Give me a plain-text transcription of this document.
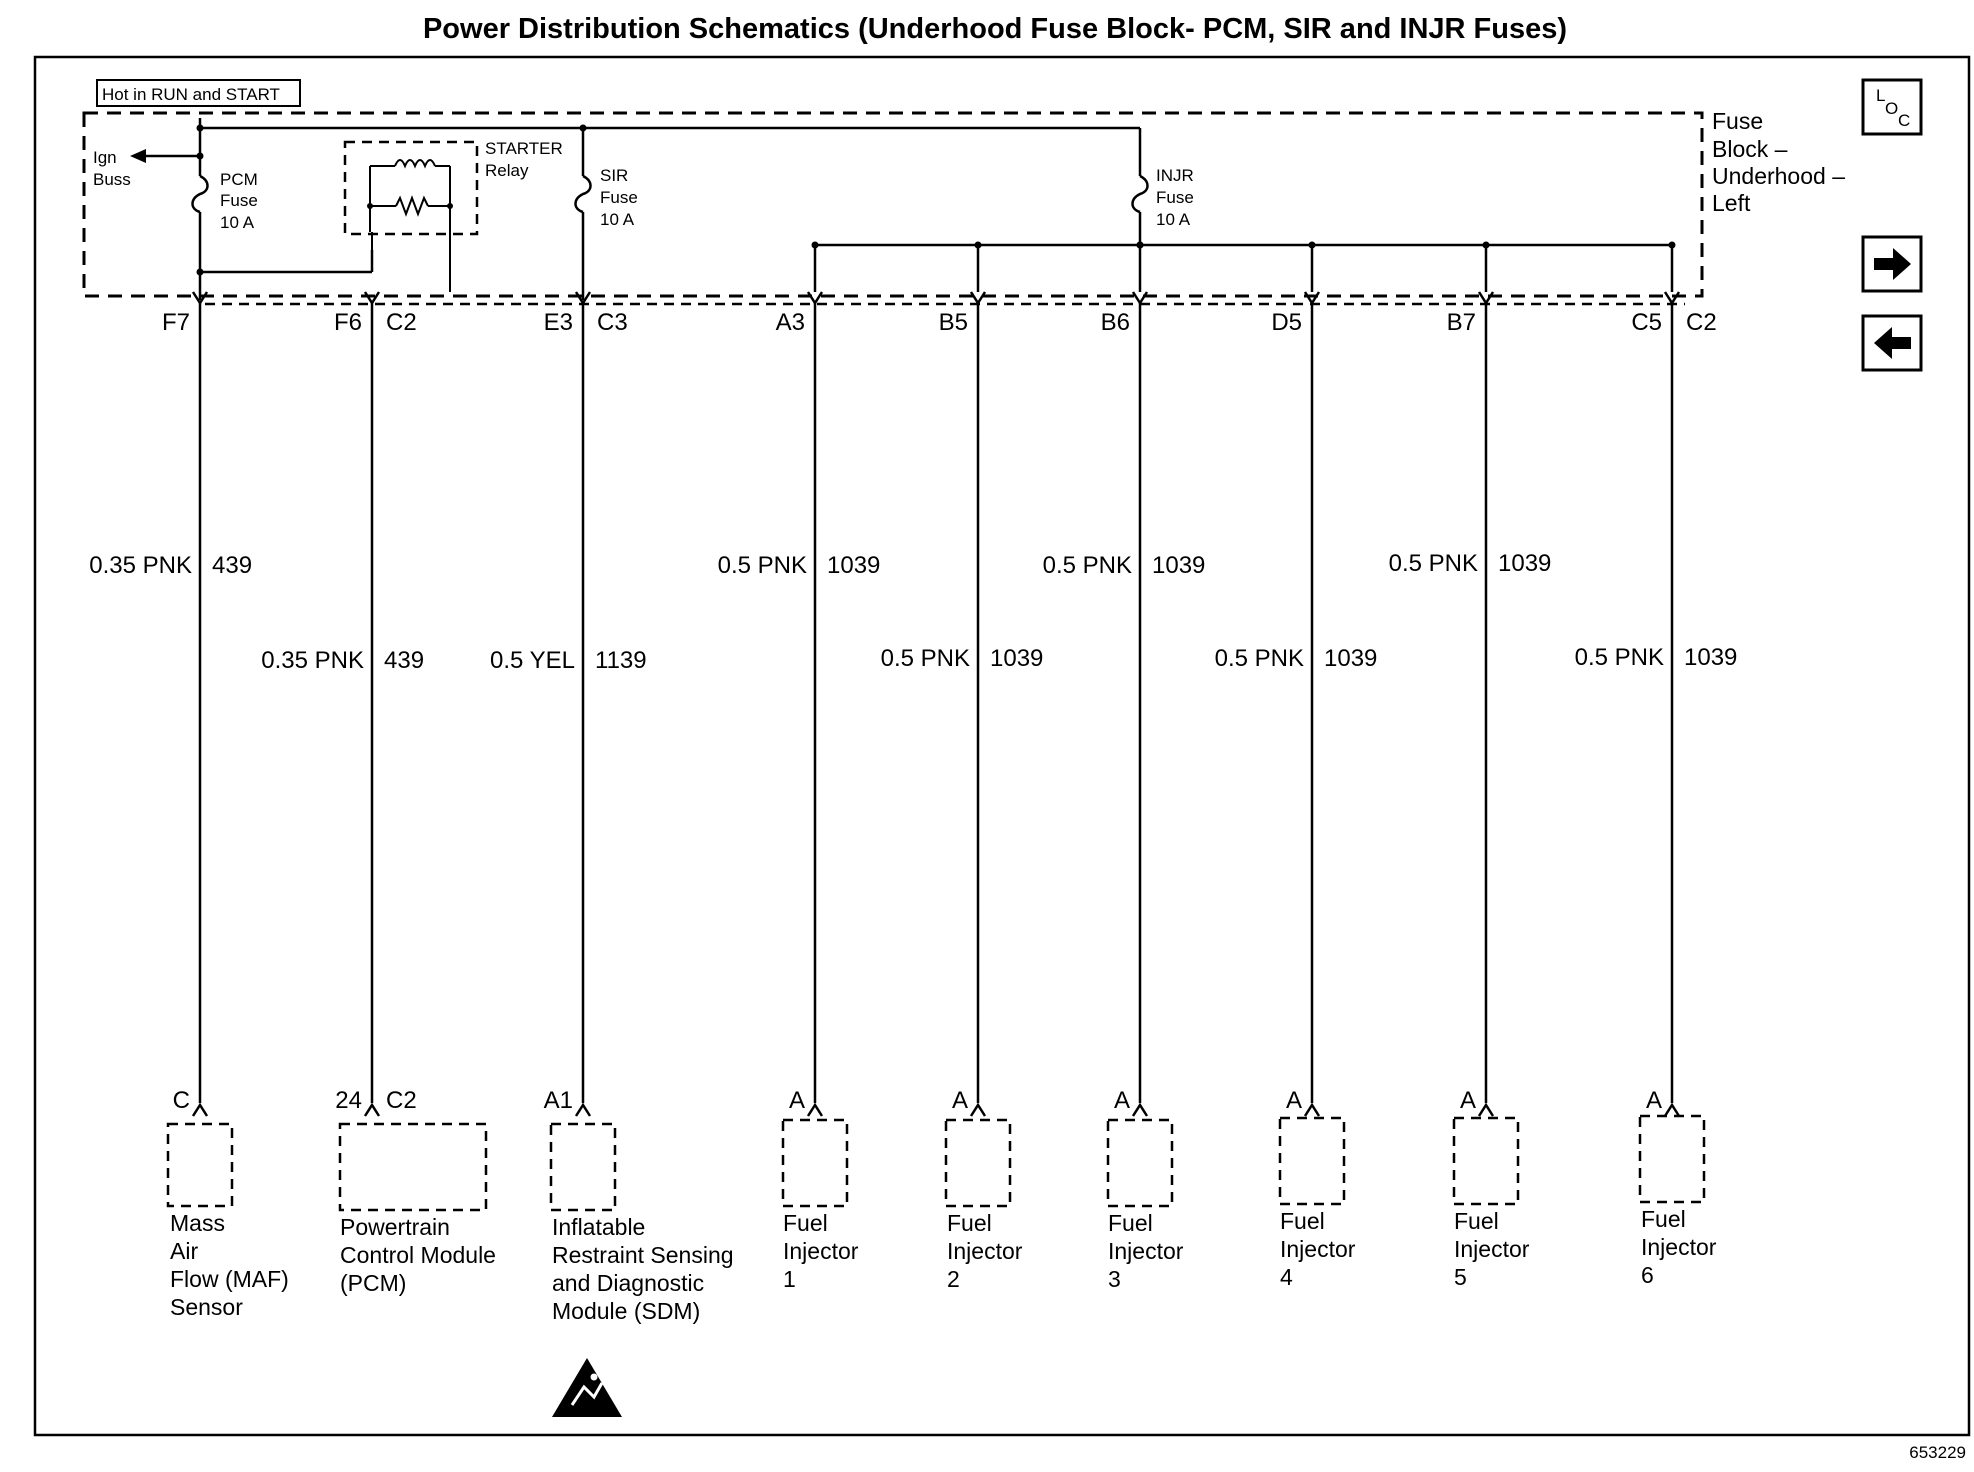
Power Distribution Schematics (Underhood Fuse Block- PCM, SIR and INJR Fuses)
Hot in RUN and START
Fuse
Block –
Underhood –
Left
Ign
Buss
STARTER
Relay
PCM
Fuse
10 A
SIR
Fuse
10 A
INJR
Fuse
10 A
F7
0.35 PNK 439
C
Mass
Air
Flow (MAF)
Sensor
F6 C2
0.35 PNK 439
24 C2
Powertrain
Control Module
(PCM)
E3 C3
0.5 YEL 1139
A1
Inflatable
Restraint Sensing
and Diagnostic
Module (SDM)
A3
0.5 PNK 1039
A
Fuel
Injector
1
B5
0.5 PNK 1039
A
Fuel
Injector
2
B6
0.5 PNK 1039
A
Fuel
Injector
3
D5
0.5 PNK 1039
A
Fuel
Injector
4
B7
0.5 PNK 1039
A
Fuel
Injector
5
C5 C2
0.5 PNK 1039
A
Fuel
Injector
6
L
O
C
653229
